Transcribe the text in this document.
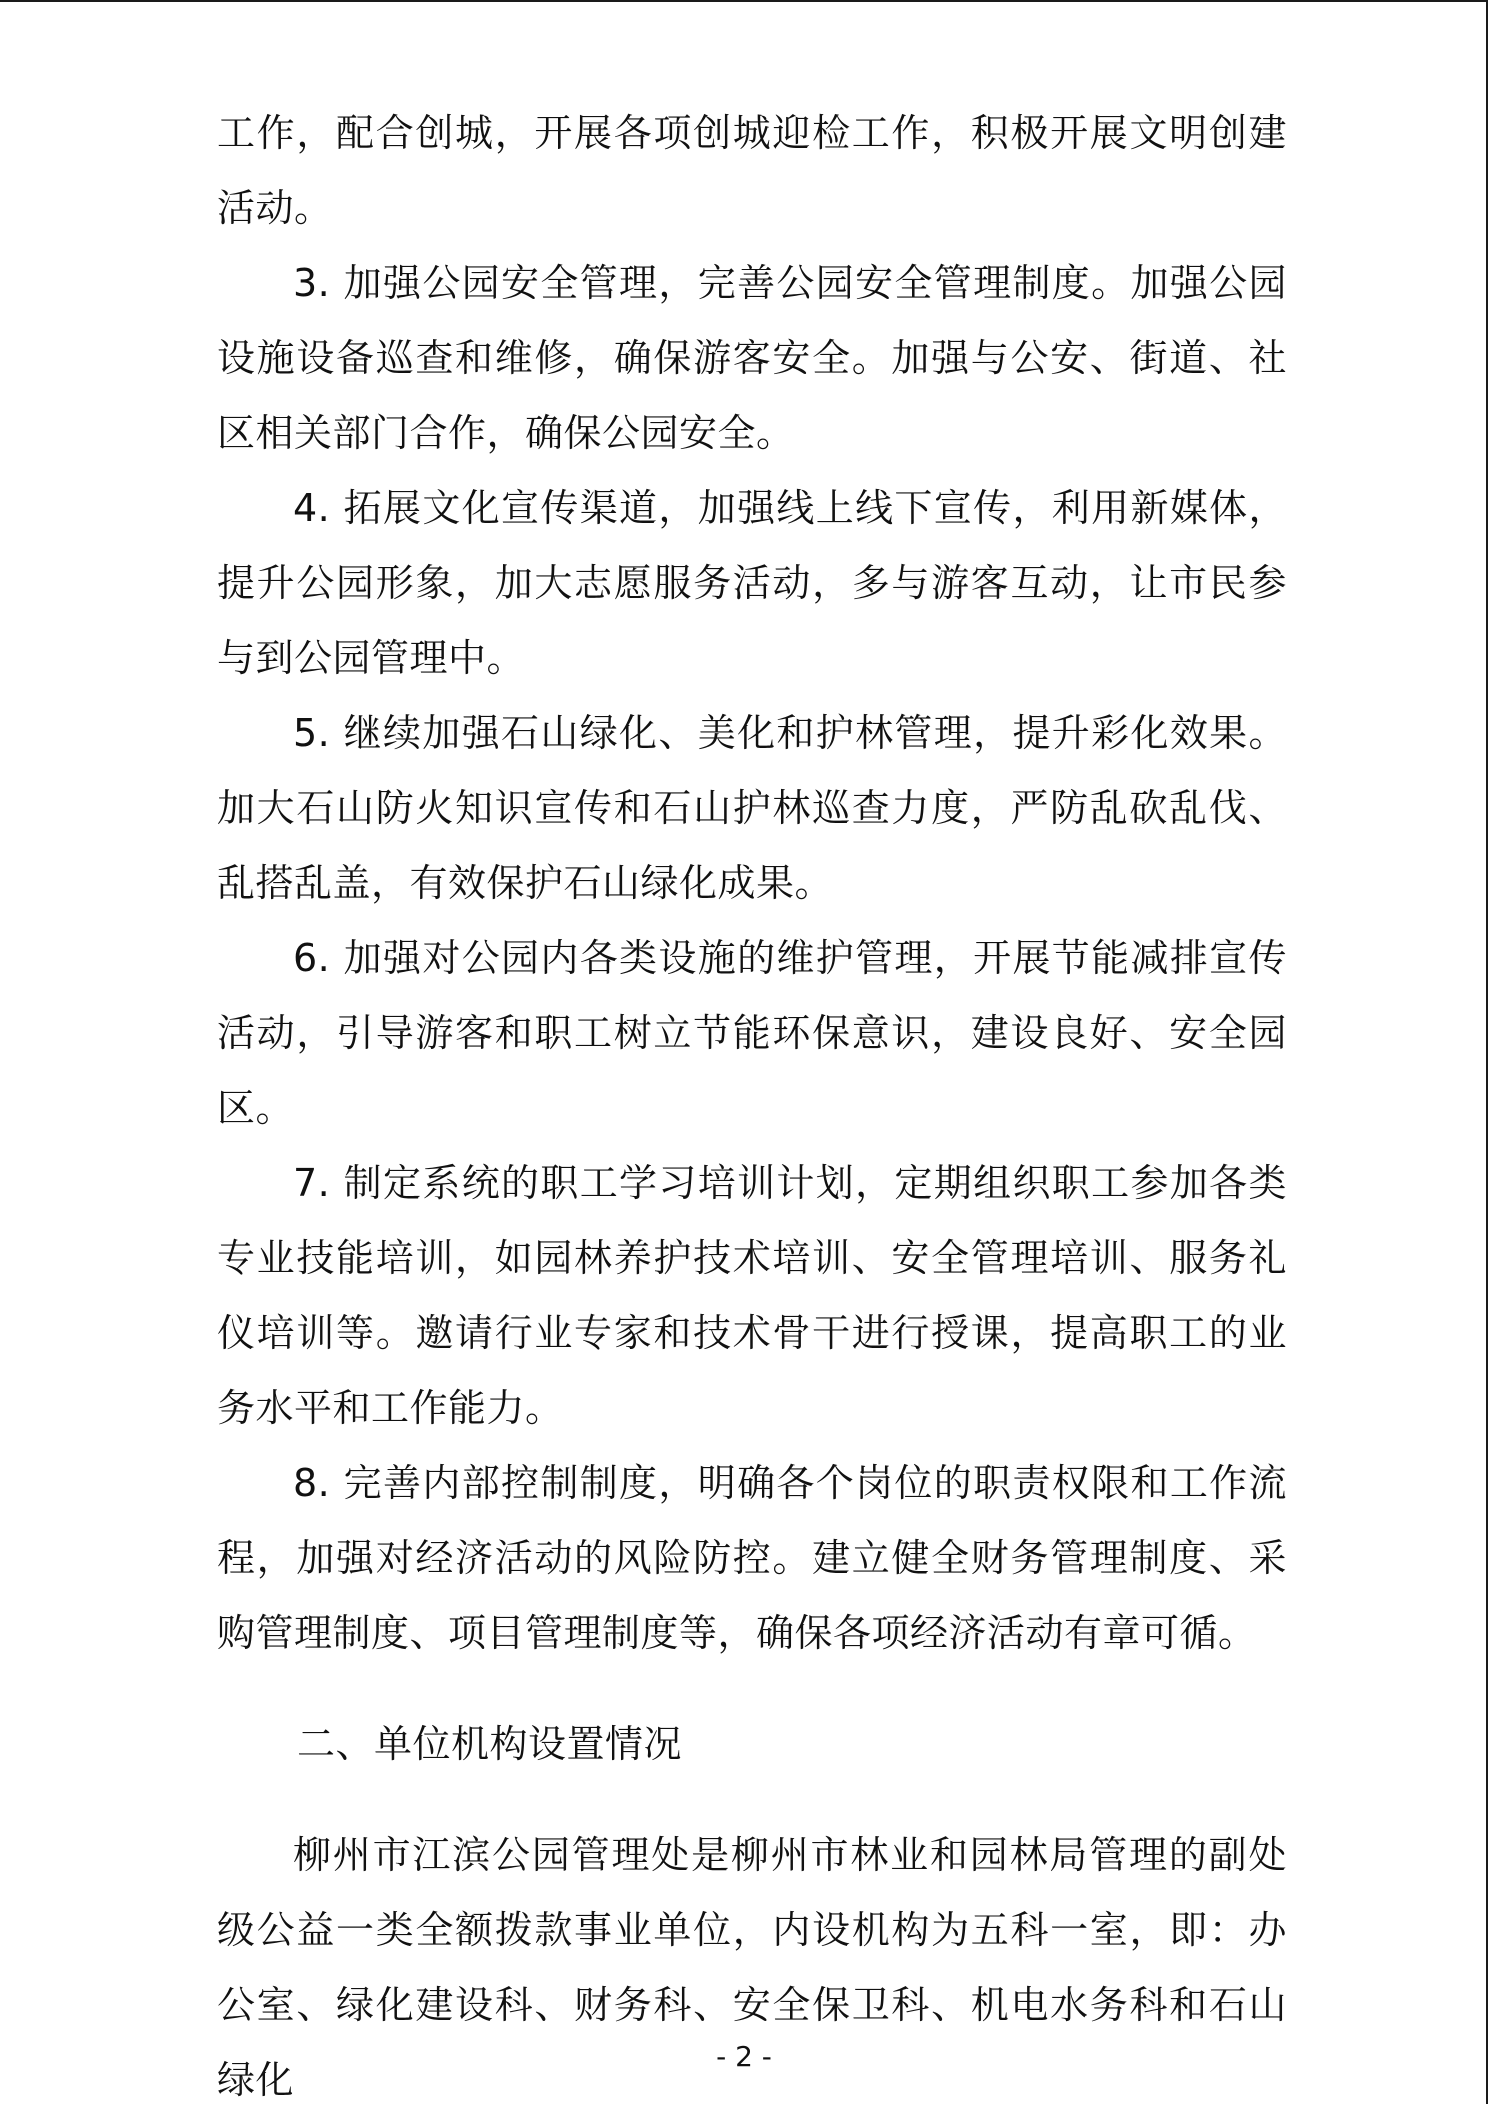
工作，配合创城，开展各项创城迎检工作，积极开展文明创建活动。

3. 加强公园安全管理，完善公园安全管理制度。加强公园设施设备巡查和维修，确保游客安全。加强与公安、街道、社区相关部门合作，确保公园安全。

4. 拓展文化宣传渠道，加强线上线下宣传，利用新媒体，提升公园形象，加大志愿服务活动，多与游客互动，让市民参与到公园管理中。

5. 继续加强石山绿化、美化和护林管理，提升彩化效果。加大石山防火知识宣传和石山护林巡查力度，严防乱砍乱伐、乱搭乱盖，有效保护石山绿化成果。

6. 加强对公园内各类设施的维护管理，开展节能减排宣传活动，引导游客和职工树立节能环保意识，建设良好、安全园区。

7. 制定系统的职工学习培训计划，定期组织职工参加各类专业技能培训，如园林养护技术培训、安全管理培训、服务礼仪培训等。邀请行业专家和技术骨干进行授课，提高职工的业务水平和工作能力。

8. 完善内部控制制度，明确各个岗位的职责权限和工作流程，加强对经济活动的风险防控。建立健全财务管理制度、采购管理制度、项目管理制度等，确保各项经济活动有章可循。

二、单位机构设置情况

柳州市江滨公园管理处是柳州市林业和园林局管理的副处级公益一类全额拨款事业单位，内设机构为五科一室，即：办公室、绿化建设科、财务科、安全保卫科、机电水务科和石山绿化

- 2 -
